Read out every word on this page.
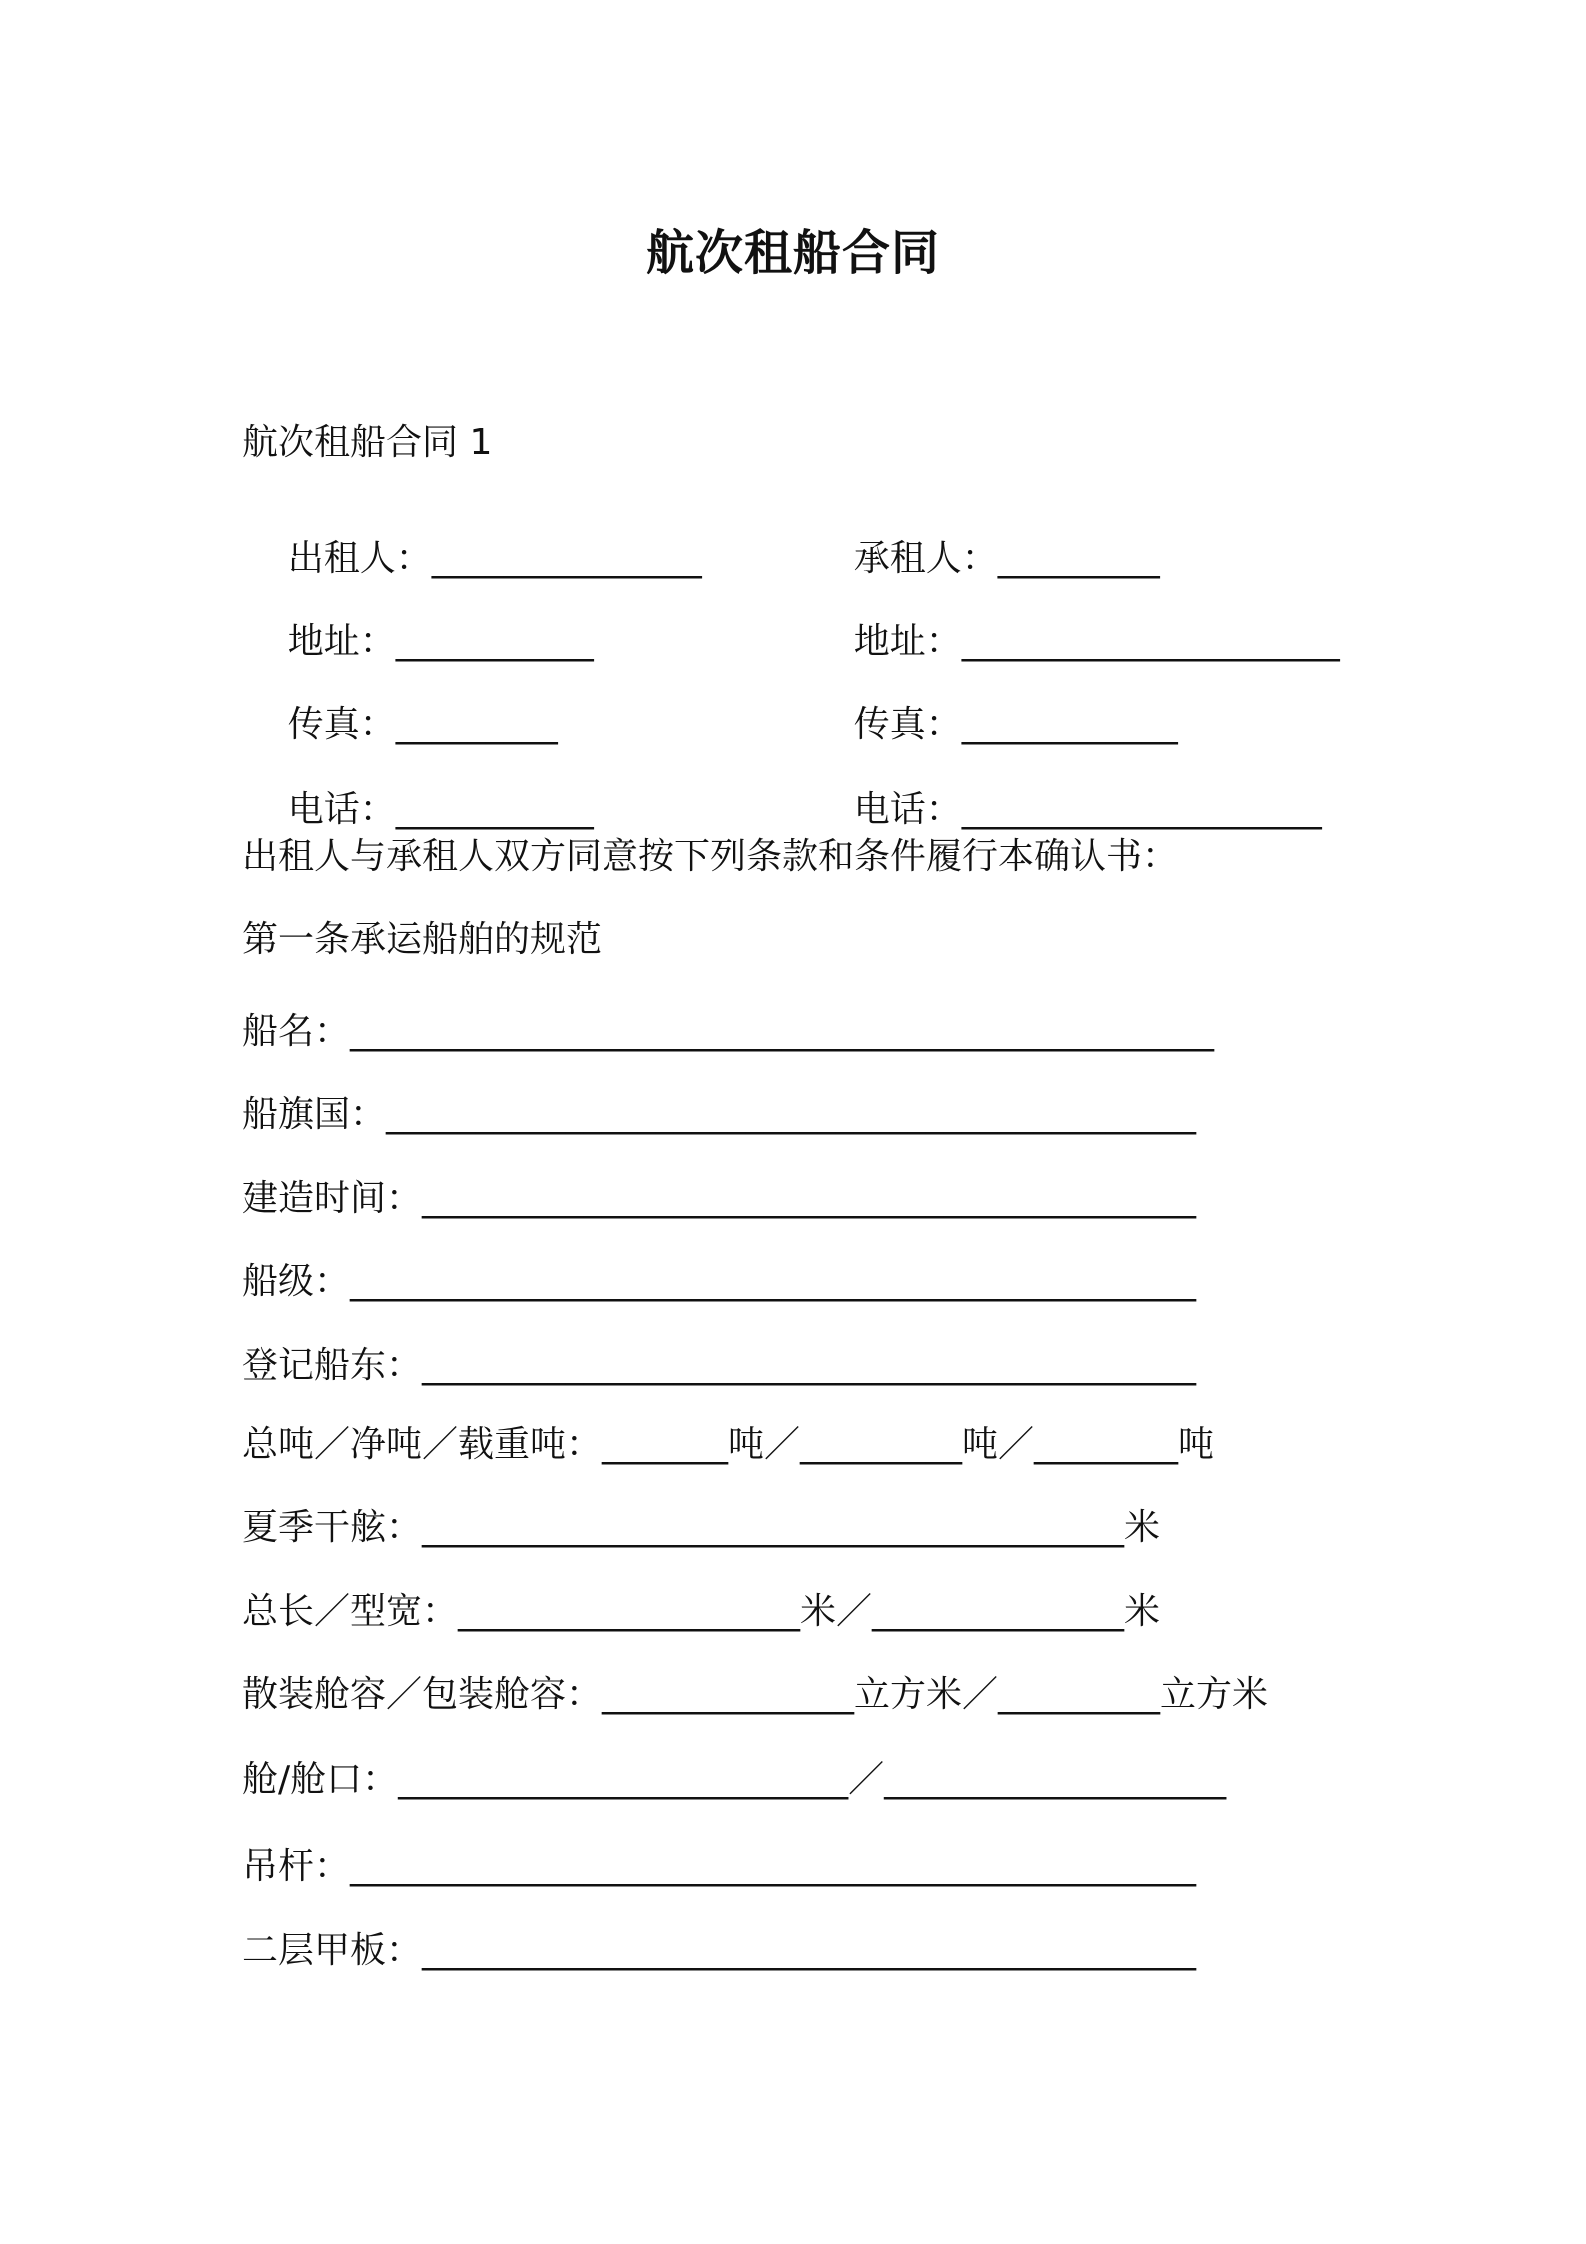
航次租船合同
航次租船合同 1

出租人：_______________
	承租人：_________

地址：___________
	地址：_____________________

传真：_________
	传真：____________

电话：___________
	电话：____________________

出租人与承租人双方同意按下列条款和条件履行本确认书：
第一条承运船舶的规范
船名：________________________________________________
船旗国：_____________________________________________
建造时间：___________________________________________
船级：_______________________________________________
登记船东：___________________________________________
总吨／净吨／载重吨：_______吨／_________吨／________吨
夏季干舷：_______________________________________米
总长／型宽：___________________米／______________米
散装舱容／包装舱容：______________立方米／_________立方米
舱/舱口：_________________________／___________________
吊杆：_______________________________________________
二层甲板：___________________________________________
